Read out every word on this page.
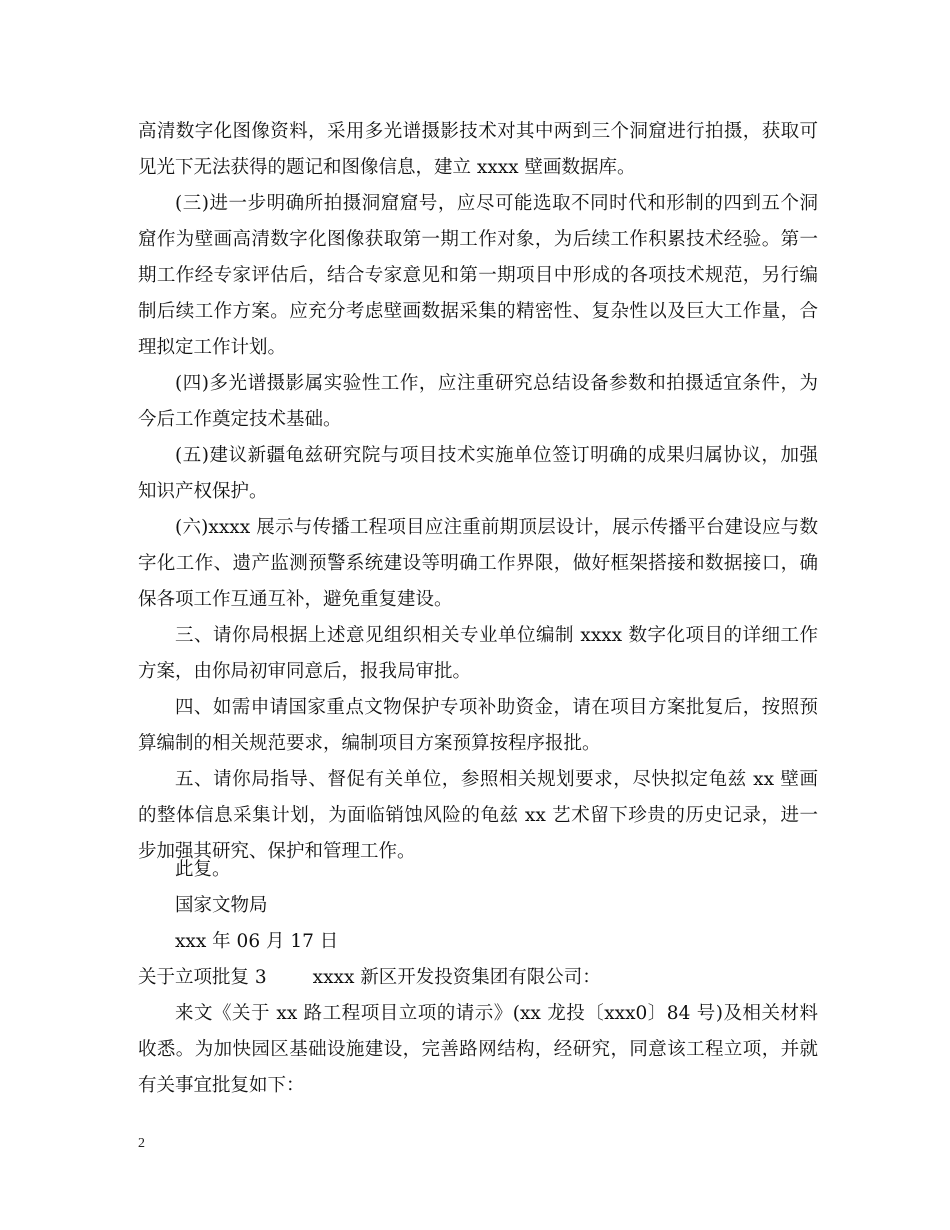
高清数字化图像资料，采用多光谱摄影技术对其中两到三个洞窟进行拍摄，获取可见光下无法获得的题记和图像信息，建立 xxxx 壁画数据库。

(三)进一步明确所拍摄洞窟窟号，应尽可能选取不同时代和形制的四到五个洞窟作为壁画高清数字化图像获取第一期工作对象，为后续工作积累技术经验。第一期工作经专家评估后，结合专家意见和第一期项目中形成的各项技术规范，另行编制后续工作方案。应充分考虑壁画数据采集的精密性、复杂性以及巨大工作量，合理拟定工作计划。

(四)多光谱摄影属实验性工作，应注重研究总结设备参数和拍摄适宜条件，为今后工作奠定技术基础。

(五)建议新疆龟兹研究院与项目技术实施单位签订明确的成果归属协议，加强知识产权保护。

(六)xxxx 展示与传播工程项目应注重前期顶层设计，展示传播平台建设应与数字化工作、遗产监测预警系统建设等明确工作界限，做好框架搭接和数据接口，确保各项工作互通互补，避免重复建设。

三、请你局根据上述意见组织相关专业单位编制 xxxx 数字化项目的详细工作方案，由你局初审同意后，报我局审批。

四、如需申请国家重点文物保护专项补助资金，请在项目方案批复后，按照预算编制的相关规范要求，编制项目方案预算按程序报批。

五、请你局指导、督促有关单位，参照相关规划要求，尽快拟定龟兹 xx 壁画的整体信息采集计划，为面临销蚀风险的龟兹 xx 艺术留下珍贵的历史记录，进一步加强其研究、保护和管理工作。

此复。

国家文物局

xxx 年 06 月 17 日

关于立项批复 3 xxxx 新区开发投资集团有限公司：

来文《关于 xx 路工程项目立项的请示》(xx 龙投〔xxx0〕84 号)及相关材料收悉。为加快园区基础设施建设，完善路网结构，经研究，同意该工程立项，并就有关事宜批复如下：

2
